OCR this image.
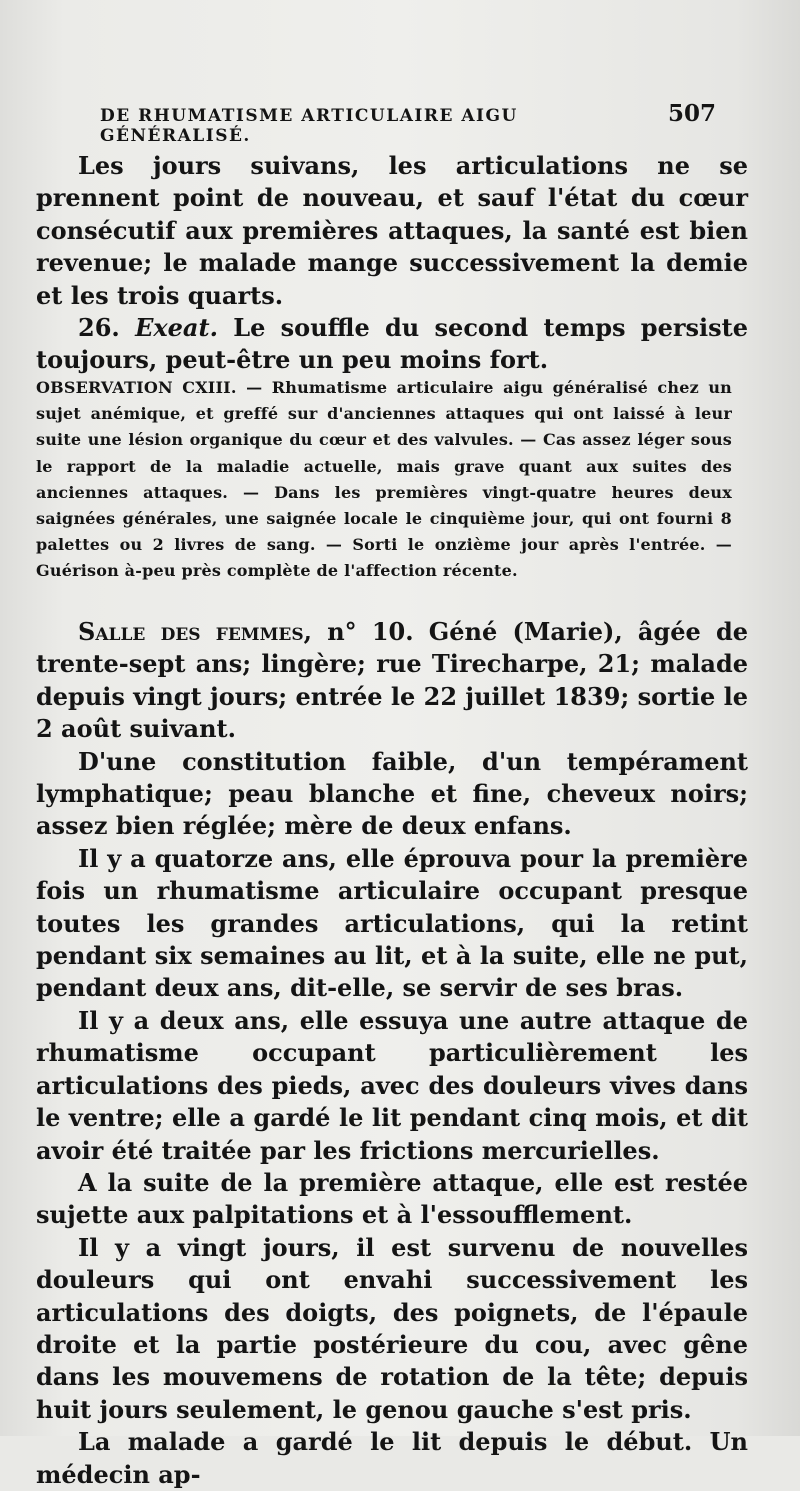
DE RHUMATISME ARTICULAIRE AIGU GÉNÉRALISÉ.
507

Les jours suivans, les articulations ne se prennent point de nouveau, et sauf l'état du cœur consécutif aux premières attaques, la santé est bien revenue; le malade mange successivement la demie et les trois quarts.

26. Exeat. Le souffle du second temps persiste toujours, peut-être un peu moins fort.

OBSERVATION CXIII. — Rhumatisme articulaire aigu généralisé chez un sujet anémique, et greffé sur d'anciennes attaques qui ont laissé à leur suite une lésion organique du cœur et des valvules. — Cas assez léger sous le rapport de la maladie actuelle, mais grave quant aux suites des anciennes attaques. — Dans les premières vingt-quatre heures deux saignées générales, une saignée locale le cinquième jour, qui ont fourni 8 palettes ou 2 livres de sang. — Sorti le onzième jour après l'entrée. — Guérison à-peu près complète de l'affection récente.

Salle des femmes, n° 10. Géné (Marie), âgée de trente-sept ans; lingère; rue Tirecharpe, 21; malade depuis vingt jours; entrée le 22 juillet 1839; sortie le 2 août suivant.

D'une constitution faible, d'un tempérament lymphatique; peau blanche et fine, cheveux noirs; assez bien réglée; mère de deux enfans.

Il y a quatorze ans, elle éprouva pour la première fois un rhumatisme articulaire occupant presque toutes les grandes articulations, qui la retint pendant six semaines au lit, et à la suite, elle ne put, pendant deux ans, dit-elle, se servir de ses bras.

Il y a deux ans, elle essuya une autre attaque de rhumatisme occupant particulièrement les articulations des pieds, avec des douleurs vives dans le ventre; elle a gardé le lit pendant cinq mois, et dit avoir été traitée par les frictions mercurielles.

A la suite de la première attaque, elle est restée sujette aux palpitations et à l'essoufflement.

Il y a vingt jours, il est survenu de nouvelles douleurs qui ont envahi successivement les articulations des doigts, des poignets, de l'épaule droite et la partie postérieure du cou, avec gêne dans les mouvemens de rotation de la tête; depuis huit jours seulement, le genou gauche s'est pris.

La malade a gardé le lit depuis le début. Un médecin ap-
